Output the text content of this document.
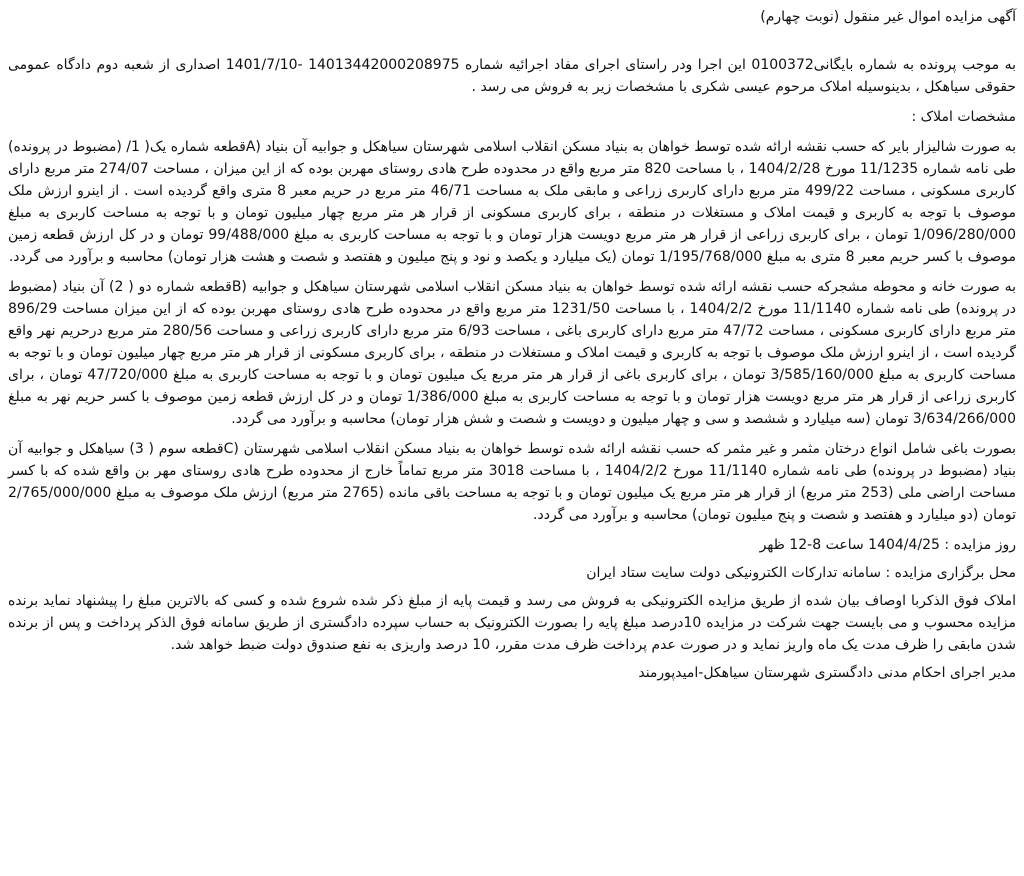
آگهی مزایده اموال غیر منقول (نوبت چهارم)

به موجب پرونده به شماره بایگانی0100372 این اجرا ودر راستای اجرای مفاد اجرائیه شماره 14013442000208975 -1401/7/10 اصداری از شعبه دوم دادگاه عمومی حقوقی سیاهکل ، بدینوسیله املاک مرحوم عیسی شکری با مشخصات زیر به فروش می رسد .

مشخصات املاک :

به صورت شالیزار بایر که حسب نقشه ارائه شده توسط خواهان به بنیاد مسکن انقلاب اسلامی شهرستان سیاهکل و جوابیه آن بنیاد (Aقطعه شماره یک( 1/ (مضبوط در پرونده) طی نامه شماره 11/1235 مورخ 1404/2/28 ، با مساحت 820 متر مربع واقع در محدوده طرح هادی روستای مهربن بوده که از این میزان ، مساحت 274/07 متر مربع دارای کاربری مسکونی ، مساحت 499/22 متر مربع دارای کاربری زراعی و مابقی ملک به مساحت 46/71 متر مربع در حریم معبر 8 متری واقع گردیده است . از اینرو ارزش ملک موصوف با توجه به کاربری و قیمت املاک و مستغلات در منطقه ، برای کاربری مسکونی از قرار هر متر مربع چهار میلیون تومان و با توجه به مساحت کاربری به مبلغ 1/096/280/000 تومان ، برای کاربری زراعی از قرار هر متر مربع دویست هزار تومان و با توجه به مساحت کاربری به مبلغ 99/488/000 تومان و در کل ارزش قطعه زمین موصوف با کسر حریم معبر 8 متری به مبلغ 1/195/768/000 تومان (یک میلیارد و یکصد و نود و پنج میلیون و هفتصد و شصت و هشت هزار تومان) محاسبه و برآورد می گردد.

به صورت خانه و محوطه مشجرکه حسب نقشه ارائه شده توسط خواهان به بنیاد مسکن انقلاب اسلامی شهرستان سیاهکل و جوابیه (Bقطعه شماره دو ( 2) آن بنیاد (مضبوط در پرونده) طی نامه شماره 11/1140 مورخ 1404/2/2 ، با مساحت 1231/50 متر مربع واقع در محدوده طرح هادی روستای مهربن بوده که از این میزان مساحت 896/29 متر مربع دارای کاربری مسکونی ، مساحت 47/72 متر مربع دارای کاربری باغی ، مساحت 6/93 متر مربع دارای کاربری زراعی و مساحت 280/56 متر مربع درحریم نهر واقع گردیده است ، از اینرو ارزش ملک موصوف با توجه به کاربری و قیمت املاک و مستغلات در منطقه ، برای کاربری مسکونی از قرار هر متر مربع چهار میلیون تومان و با توجه به مساحت کاربری به مبلغ 3/585/160/000 تومان ، برای کاربری باغی از قرار هر متر مربع یک میلیون تومان و با توجه به مساحت کاربری به مبلغ 47/720/000 تومان ، برای کاربری زراعی از قرار هر متر مربع دویست هزار تومان و با توجه به مساحت کاربری به مبلغ 1/386/000 تومان و در کل ارزش قطعه زمین موصوف با کسر حریم نهر به مبلغ 3/634/266/000 تومان (سه میلیارد و ششصد و سی و چهار میلیون و دویست و شصت و شش هزار تومان) محاسبه و برآورد می گردد.

بصورت باغی شامل انواع درختان مثمر و غیر مثمر که حسب نقشه ارائه شده توسط خواهان به بنیاد مسکن انقلاب اسلامی شهرستان (Cقطعه سوم ( 3) سیاهکل و جوابیه آن بنیاد (مضبوط در پرونده) طی نامه شماره 11/1140 مورخ 1404/2/2 ، با مساحت 3018 متر مربع تماماً خارج از محدوده طرح هادی روستای مهر بن واقع شده که با کسر مساحت اراضی ملی (253 متر مربع) از قرار هر متر مربع یک میلیون تومان و با توجه به مساحت باقی مانده (2765 متر مربع) ارزش ملک موصوف به مبلغ 2/765/000/000 تومان (دو میلیارد و هفتصد و شصت و پنج میلیون تومان) محاسبه و برآورد می گردد.

روز مزایده : 1404/4/25 ساعت 8-12 ظهر

محل برگزاری مزایده : سامانه تدارکات الکترونیکی دولت سایت ستاد ایران

املاک فوق الذکربا اوصاف بیان شده از طریق مزایده الکترونیکی به فروش می رسد و قیمت پایه از مبلغ ذکر شده شروع شده و کسی که بالاترین مبلغ را پیشنهاد نماید برنده مزایده محسوب و می بایست جهت شرکت در مزایده 10درصد مبلغ پایه را بصورت الکترونیک به حساب سپرده دادگستری از طریق سامانه فوق الذکر پرداخت و پس از برنده شدن مابقی را ظرف مدت یک ماه واریز نماید و در صورت عدم پرداخت ظرف مدت مقرر، 10 درصد واریزی به نفع صندوق دولت ضبط خواهد شد.

مدیر اجرای احکام مدنی دادگستری شهرستان سیاهکل-امیدپورمند
